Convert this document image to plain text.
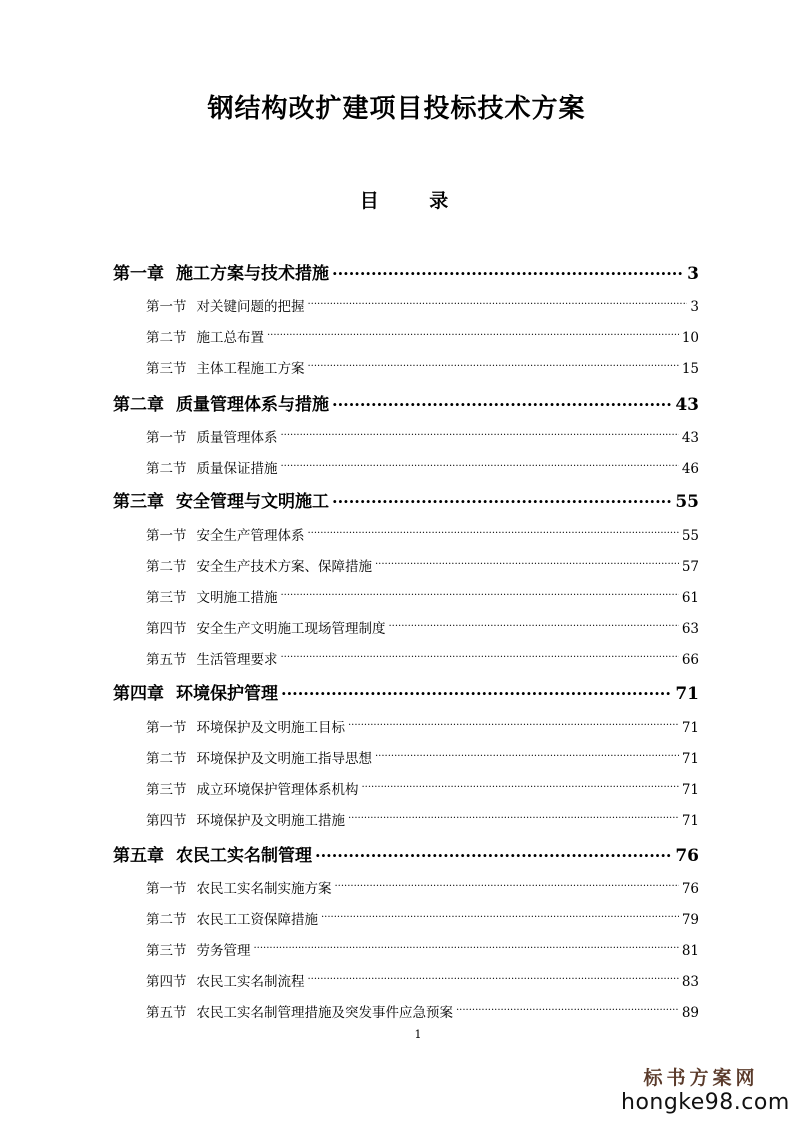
钢结构改扩建项目投标技术方案
目 录
第一章 施工方案与技术措施 .....	3
第一节 对关键问题的把握 .....	3
第二节 施工总布置 .....	10
第三节 主体工程施工方案 .....	15
第二章 质量管理体系与措施 .....	43
第一节 质量管理体系 .....	43
第二节 质量保证措施 .....	46
第三章 安全管理与文明施工 .....	55
第一节 安全生产管理体系 .....	55
第二节 安全生产技术方案、保障措施 .....	57
第三节 文明施工措施 .....	61
第四节 安全生产文明施工现场管理制度 .....	63
第五节 生活管理要求 .....	66
第四章 环境保护管理 .....	71
第一节 环境保护及文明施工目标 .....	71
第二节 环境保护及文明施工指导思想 .....	71
第三节 成立环境保护管理体系机构 .....	71
第四节 环境保护及文明施工措施 .....	71
第五章 农民工实名制管理 .....	76
第一节 农民工实名制实施方案 .....	76
第二节 农民工工资保障措施 .....	79
第三节 劳务管理 .....	81
第四节 农民工实名制流程 .....	83
第五节 农民工实名制管理措施及突发事件应急预案 .....	89
1
标书方案网
hongke98.com
